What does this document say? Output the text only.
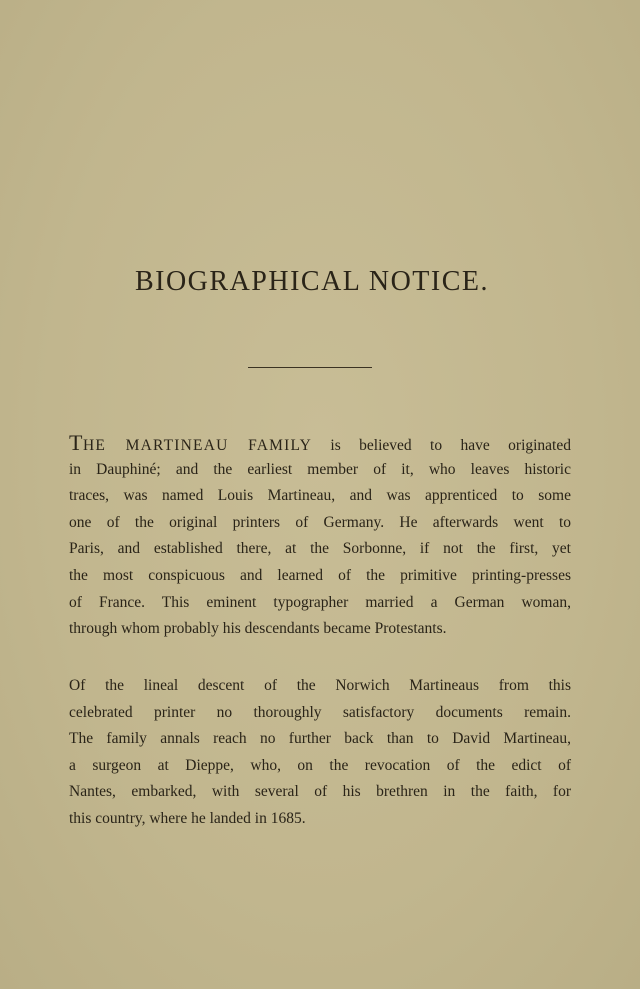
BIOGRAPHICAL NOTICE.
THE MARTINEAU FAMILY is believed to have originated
in Dauphiné; and the earliest member of it, who leaves historic
traces, was named Louis Martineau, and was apprenticed to some
one of the original printers of Germany. He afterwards went to
Paris, and established there, at the Sorbonne, if not the first, yet
the most conspicuous and learned of the primitive printing-presses
of France. This eminent typographer married a German woman,
through whom probably his descendants became Protestants.
Of the lineal descent of the Norwich Martineaus from this
celebrated printer no thoroughly satisfactory documents remain.
The family annals reach no further back than to David Martineau,
a surgeon at Dieppe, who, on the revocation of the edict of
Nantes, embarked, with several of his brethren in the faith, for
this country, where he landed in 1685.
